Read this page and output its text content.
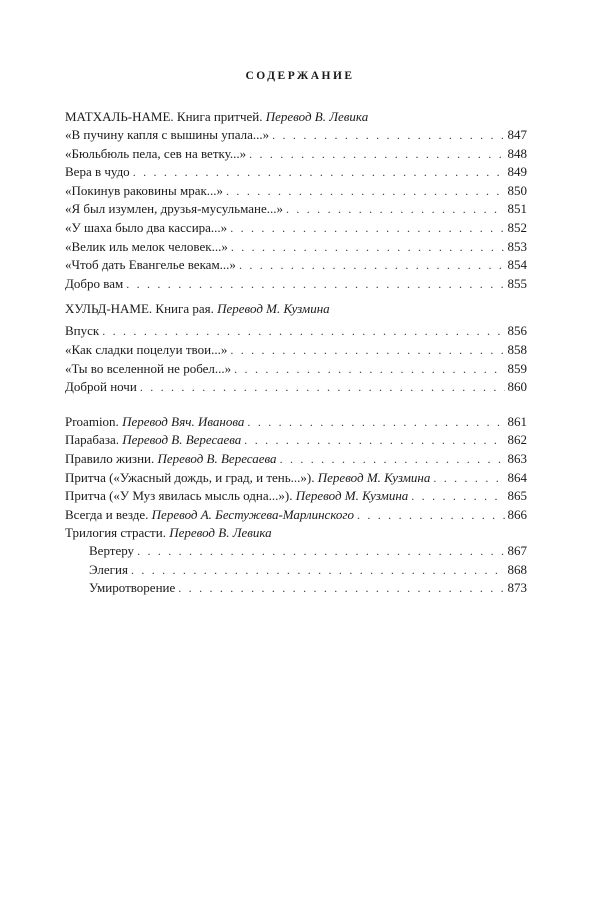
СОДЕРЖАНИЕ
МАТХАЛЬ-НАМЕ. Книга притчей. Перевод В. Левика
«В пучину капля с вышины упала...» . . .	847
«Бюльбюль пела, сев на ветку...» . . .	848
Вера в чудо . . .	849
«Покинув раковины мрак...» . . .	850
«Я был изумлен, друзья-мусульмане...» . . .	851
«У шаха было два кассира...» . . .	852
«Велик иль мелок человек...» . . .	853
«Чтоб дать Евангелье векам...» . . .	854
Добро вам . . .	855
ХУЛЬД-НАМЕ. Книга рая. Перевод М. Кузмина
Впуск . . .	856
«Как сладки поцелуи твои...» . . .	858
«Ты во вселенной не робел...» . . .	859
Доброй ночи . . .	860
Proamion. Перевод Вяч. Иванова . . .	861
Парабаза. Перевод В. Вересаева . . .	862
Правило жизни. Перевод В. Вересаева . . .	863
Притча («Ужасный дождь, и град, и тень...»). Перевод М. Кузмина . . .	864
Притча («У Муз явилась мысль одна...»). Перевод М. Кузмина . . .	865
Всегда и везде. Перевод А. Бестужева-Марлинского . . .	866
Трилогия страсти. Перевод В. Левика
Вертеру . . .	867
Элегия . . .	868
Умиротворение . . .	873
